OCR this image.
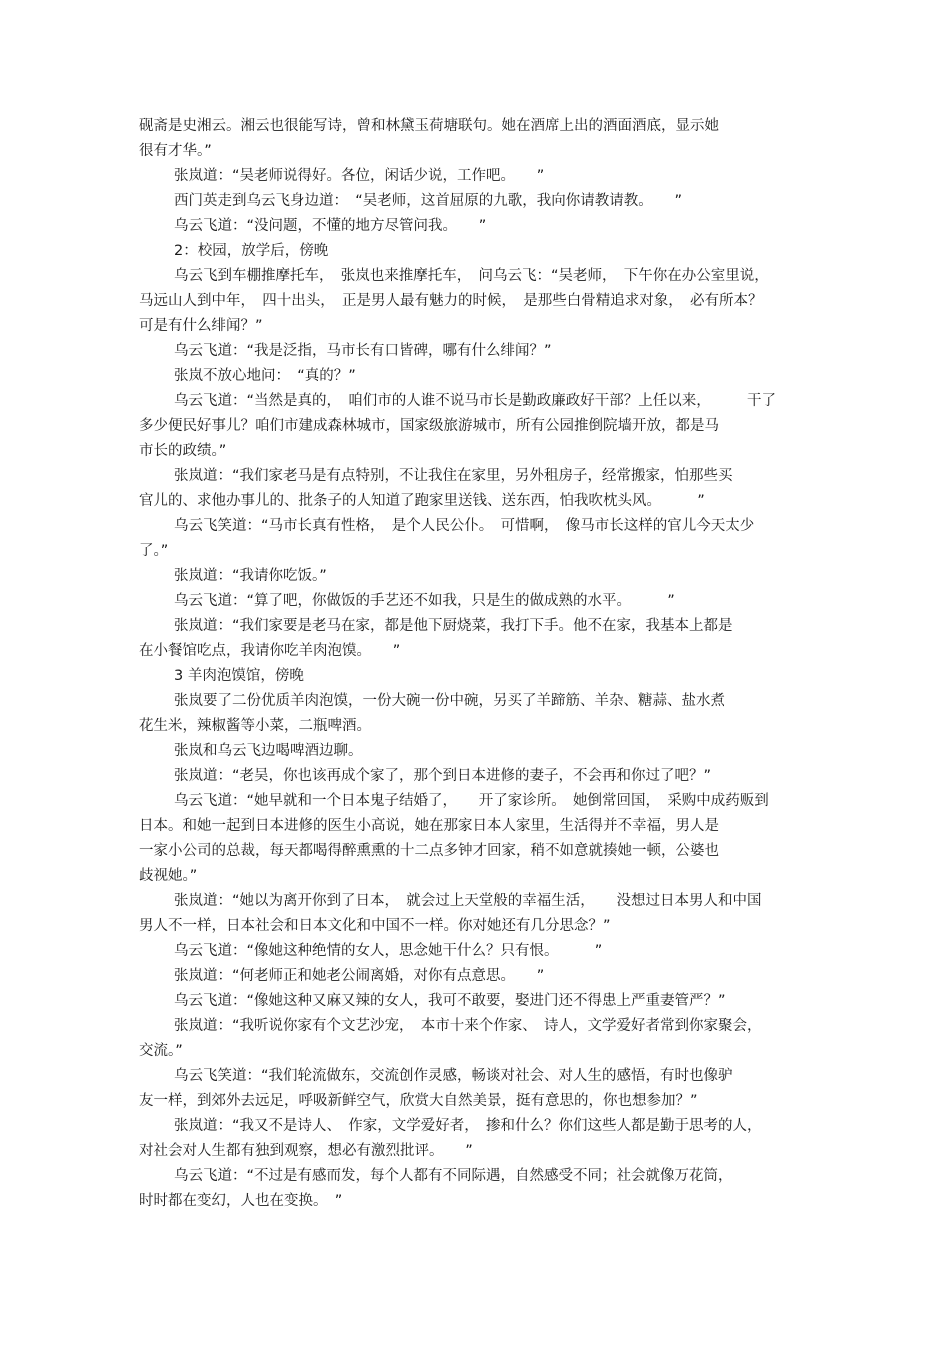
砚斋是史湘云。湘云也很能写诗，曾和林黛玉荷塘联句。她在酒席上出的酒面酒底，显示她
很有才华。”
张岚道：“吴老师说得好。各位，闲话少说，工作吧。　　”
西门英走到乌云飞身边道：　“吴老师，这首屈原的九歌，我向你请教请教。　　”
乌云飞道：“没问题，不懂的地方尽管问我。　　”
2：校园，放学后，傍晚
乌云飞到车棚推摩托车，　张岚也来推摩托车，　问乌云飞：“吴老师，　下午你在办公室里说，
马远山人到中年，　四十出头，　正是男人最有魅力的时候，　是那些白骨精追求对象，　必有所本？
可是有什么绯闻？”
乌云飞道：“我是泛指，马市长有口皆碑，哪有什么绯闻？”
张岚不放心地问：　“真的？”
乌云飞道：“当然是真的，　咱们市的人谁不说马市长是勤政廉政好干部？上任以来，　　　干了
多少便民好事儿？咱们市建成森林城市，国家级旅游城市，所有公园推倒院墙开放，都是马
市长的政绩。”
张岚道：“我们家老马是有点特别，不让我住在家里，另外租房子，经常搬家，怕那些买
官儿的、求他办事儿的、批条子的人知道了跑家里送钱、送东西，怕我吹枕头风。　　　”
乌云飞笑道：“马市长真有性格，　是个人民公仆。　可惜啊，　像马市长这样的官儿今天太少
了。”
张岚道：“我请你吃饭。”
乌云飞道：“算了吧，你做饭的手艺还不如我，只是生的做成熟的水平。　　　”
张岚道：“我们家要是老马在家，都是他下厨烧菜，我打下手。他不在家，我基本上都是
在小餐馆吃点，我请你吃羊肉泡馍。　　”
3 羊肉泡馍馆，傍晚
张岚要了二份优质羊肉泡馍，一份大碗一份中碗，另买了羊蹄筋、羊杂、糖蒜、盐水煮
花生米，辣椒酱等小菜，二瓶啤酒。
张岚和乌云飞边喝啤酒边聊。
张岚道：“老吴，你也该再成个家了，那个到日本进修的妻子，不会再和你过了吧？”
乌云飞道：“她早就和一个日本鬼子结婚了，　　开了家诊所。　她倒常回国，　采购中成药贩到
日本。和她一起到日本进修的医生小高说，她在那家日本人家里，生活得并不幸福，男人是
一家小公司的总裁，每天都喝得醉熏熏的十二点多钟才回家，稍不如意就揍她一顿，公婆也
歧视她。”
张岚道：“她以为离开你到了日本，　就会过上天堂般的幸福生活，　　没想过日本男人和中国
男人不一样，日本社会和日本文化和中国不一样。你对她还有几分思念？”
乌云飞道：“像她这种绝情的女人，思念她干什么？只有恨。　　　”
张岚道：“何老师正和她老公闹离婚，对你有点意思。　　”
乌云飞道：“像她这种又麻又辣的女人，我可不敢要，娶进门还不得患上严重妻管严？”
张岚道：“我听说你家有个文艺沙宠，　本市十来个作家、　诗人，文学爱好者常到你家聚会，
交流。”
乌云飞笑道：“我们轮流做东，交流创作灵感，畅谈对社会、对人生的感悟，有时也像驴
友一样，到郊外去远足，呼吸新鲜空气，欣赏大自然美景，挺有意思的，你也想参加？”
张岚道：“我又不是诗人、　作家，文学爱好者，　掺和什么？你们这些人都是勤于思考的人，
对社会对人生都有独到观察，想必有激烈批评。　　”
乌云飞道：“不过是有感而发，每个人都有不同际遇，自然感受不同；社会就像万花筒，
时时都在变幻，人也在变换。　”
